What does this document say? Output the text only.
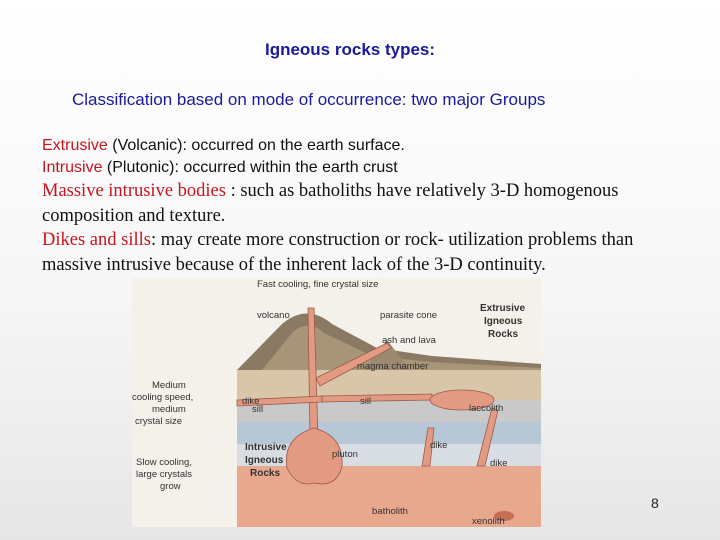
Igneous rocks types:
Classification based on mode of occurrence: two major Groups
Extrusive (Volcanic): occurred on the earth surface.
Intrusive (Plutonic): occurred within the earth crust
Massive intrusive bodies : such as batholiths have relatively 3-D homogenous composition and texture.
Dikes and sills: may create more construction or rock- utilization problems than massive intrusive because of the inherent lack of the 3-D continuity.
Fast cooling, fine crystal size
volcano	parasite cone
ash and lava
Extrusive
Igneous
Rocks
magma chamber
Medium
cooling speed,
medium
crystal size
dike
sill
sill
laccolith
Intrusive
Igneous
Rocks
dike
pluton
dike
Slow cooling,
large crystals
grow
batholith
xenolith
8
